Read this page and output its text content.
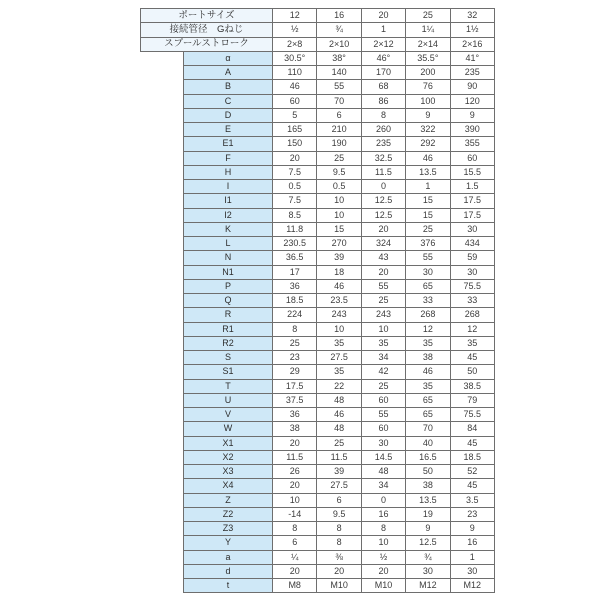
ポートサイズ		12	16	20	25	32
接続管径　Gねじ		½	¾	1	1¼	1½
スプールストローク		2×8	2×10	2×12	2×14	2×16
	α	30.5°	38°	46°	35.5°	41°
	A	110	140	170	200	235
	B	46	55	68	76	90
	C	60	70	86	100	120
	D	5	6	8	9	9
	E	165	210	260	322	390
	E1	150	190	235	292	355
	F	20	25	32.5	46	60
	H	7.5	9.5	11.5	13.5	15.5
	I	0.5	0.5	0	1	1.5
	I1	7.5	10	12.5	15	17.5
	I2	8.5	10	12.5	15	17.5
	K	11.8	15	20	25	30
	L	230.5	270	324	376	434
	N	36.5	39	43	55	59
	N1	17	18	20	30	30
	P	36	46	55	65	75.5
	Q	18.5	23.5	25	33	33
	R	224	243	243	268	268
	R1	8	10	10	12	12
	R2	25	35	35	35	35
	S	23	27.5	34	38	45
	S1	29	35	42	46	50
	T	17.5	22	25	35	38.5
	U	37.5	48	60	65	79
	V	36	46	55	65	75.5
	W	38	48	60	70	84
	X1	20	25	30	40	45
	X2	11.5	11.5	14.5	16.5	18.5
	X3	26	39	48	50	52
	X4	20	27.5	34	38	45
	Z	10	6	0	13.5	3.5
	Z2	-14	9.5	16	19	23
	Z3	8	8	8	9	9
	Y	6	8	10	12.5	16
	a	¼	⅜	½	¾	1
	d	20	20	20	30	30
	t	M8	M10	M10	M12	M12
